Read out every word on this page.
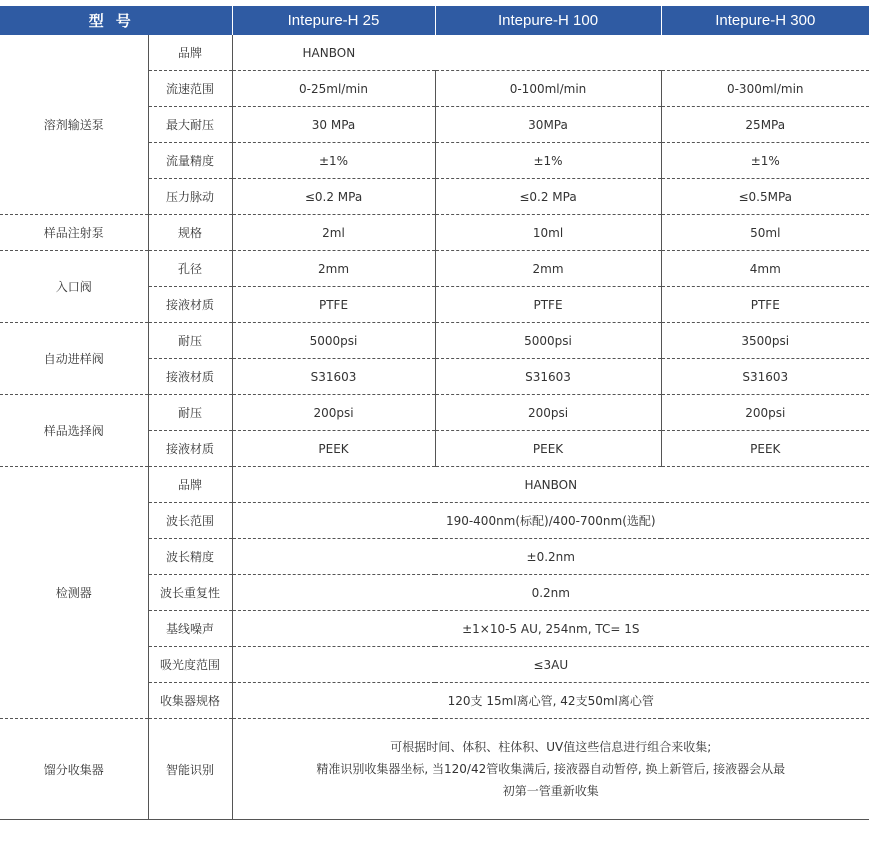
型号		Intepure-H 25	Intepure-H 100	Intepure-H 300
溶剂输送泵	品牌	HANBON		
	流速范围	0-25ml/min	0-100ml/min	0-300ml/min
	最大耐压	30 MPa	30MPa	25MPa
	流量精度	±1%	±1%	±1%
	压力脉动	≤0.2 MPa	≤0.2 MPa	≤0.5MPa
样品注射泵	规格	2ml	10ml	50ml
入口阀	孔径	2mm	2mm	4mm
	接液材质	PTFE	PTFE	PTFE
自动进样阀	耐压	5000psi	5000psi	3500psi
	接液材质	S31603	S31603	S31603
样品选择阀	耐压	200psi	200psi	200psi
	接液材质	PEEK	PEEK	PEEK
检测器	品牌	HANBON		
	波长范围	190-400nm(标配)/400-700nm(选配)		
	波长精度	±0.2nm		
	波长重复性	0.2nm		
	基线噪声	±1×10-5 AU, 254nm, TC= 1S		
	吸光度范围	≤3AU		
	收集器规格	120支 15ml离心管, 42支50ml离心管		
馏分收集器	智能识别	可根据时间、体积、柱体积、UV值这些信息进行组合来收集;
精准识别收集器坐标, 当120/42管收集满后, 接液器自动暂停, 换上新管后, 接液器会从最
初第一管重新收集		
